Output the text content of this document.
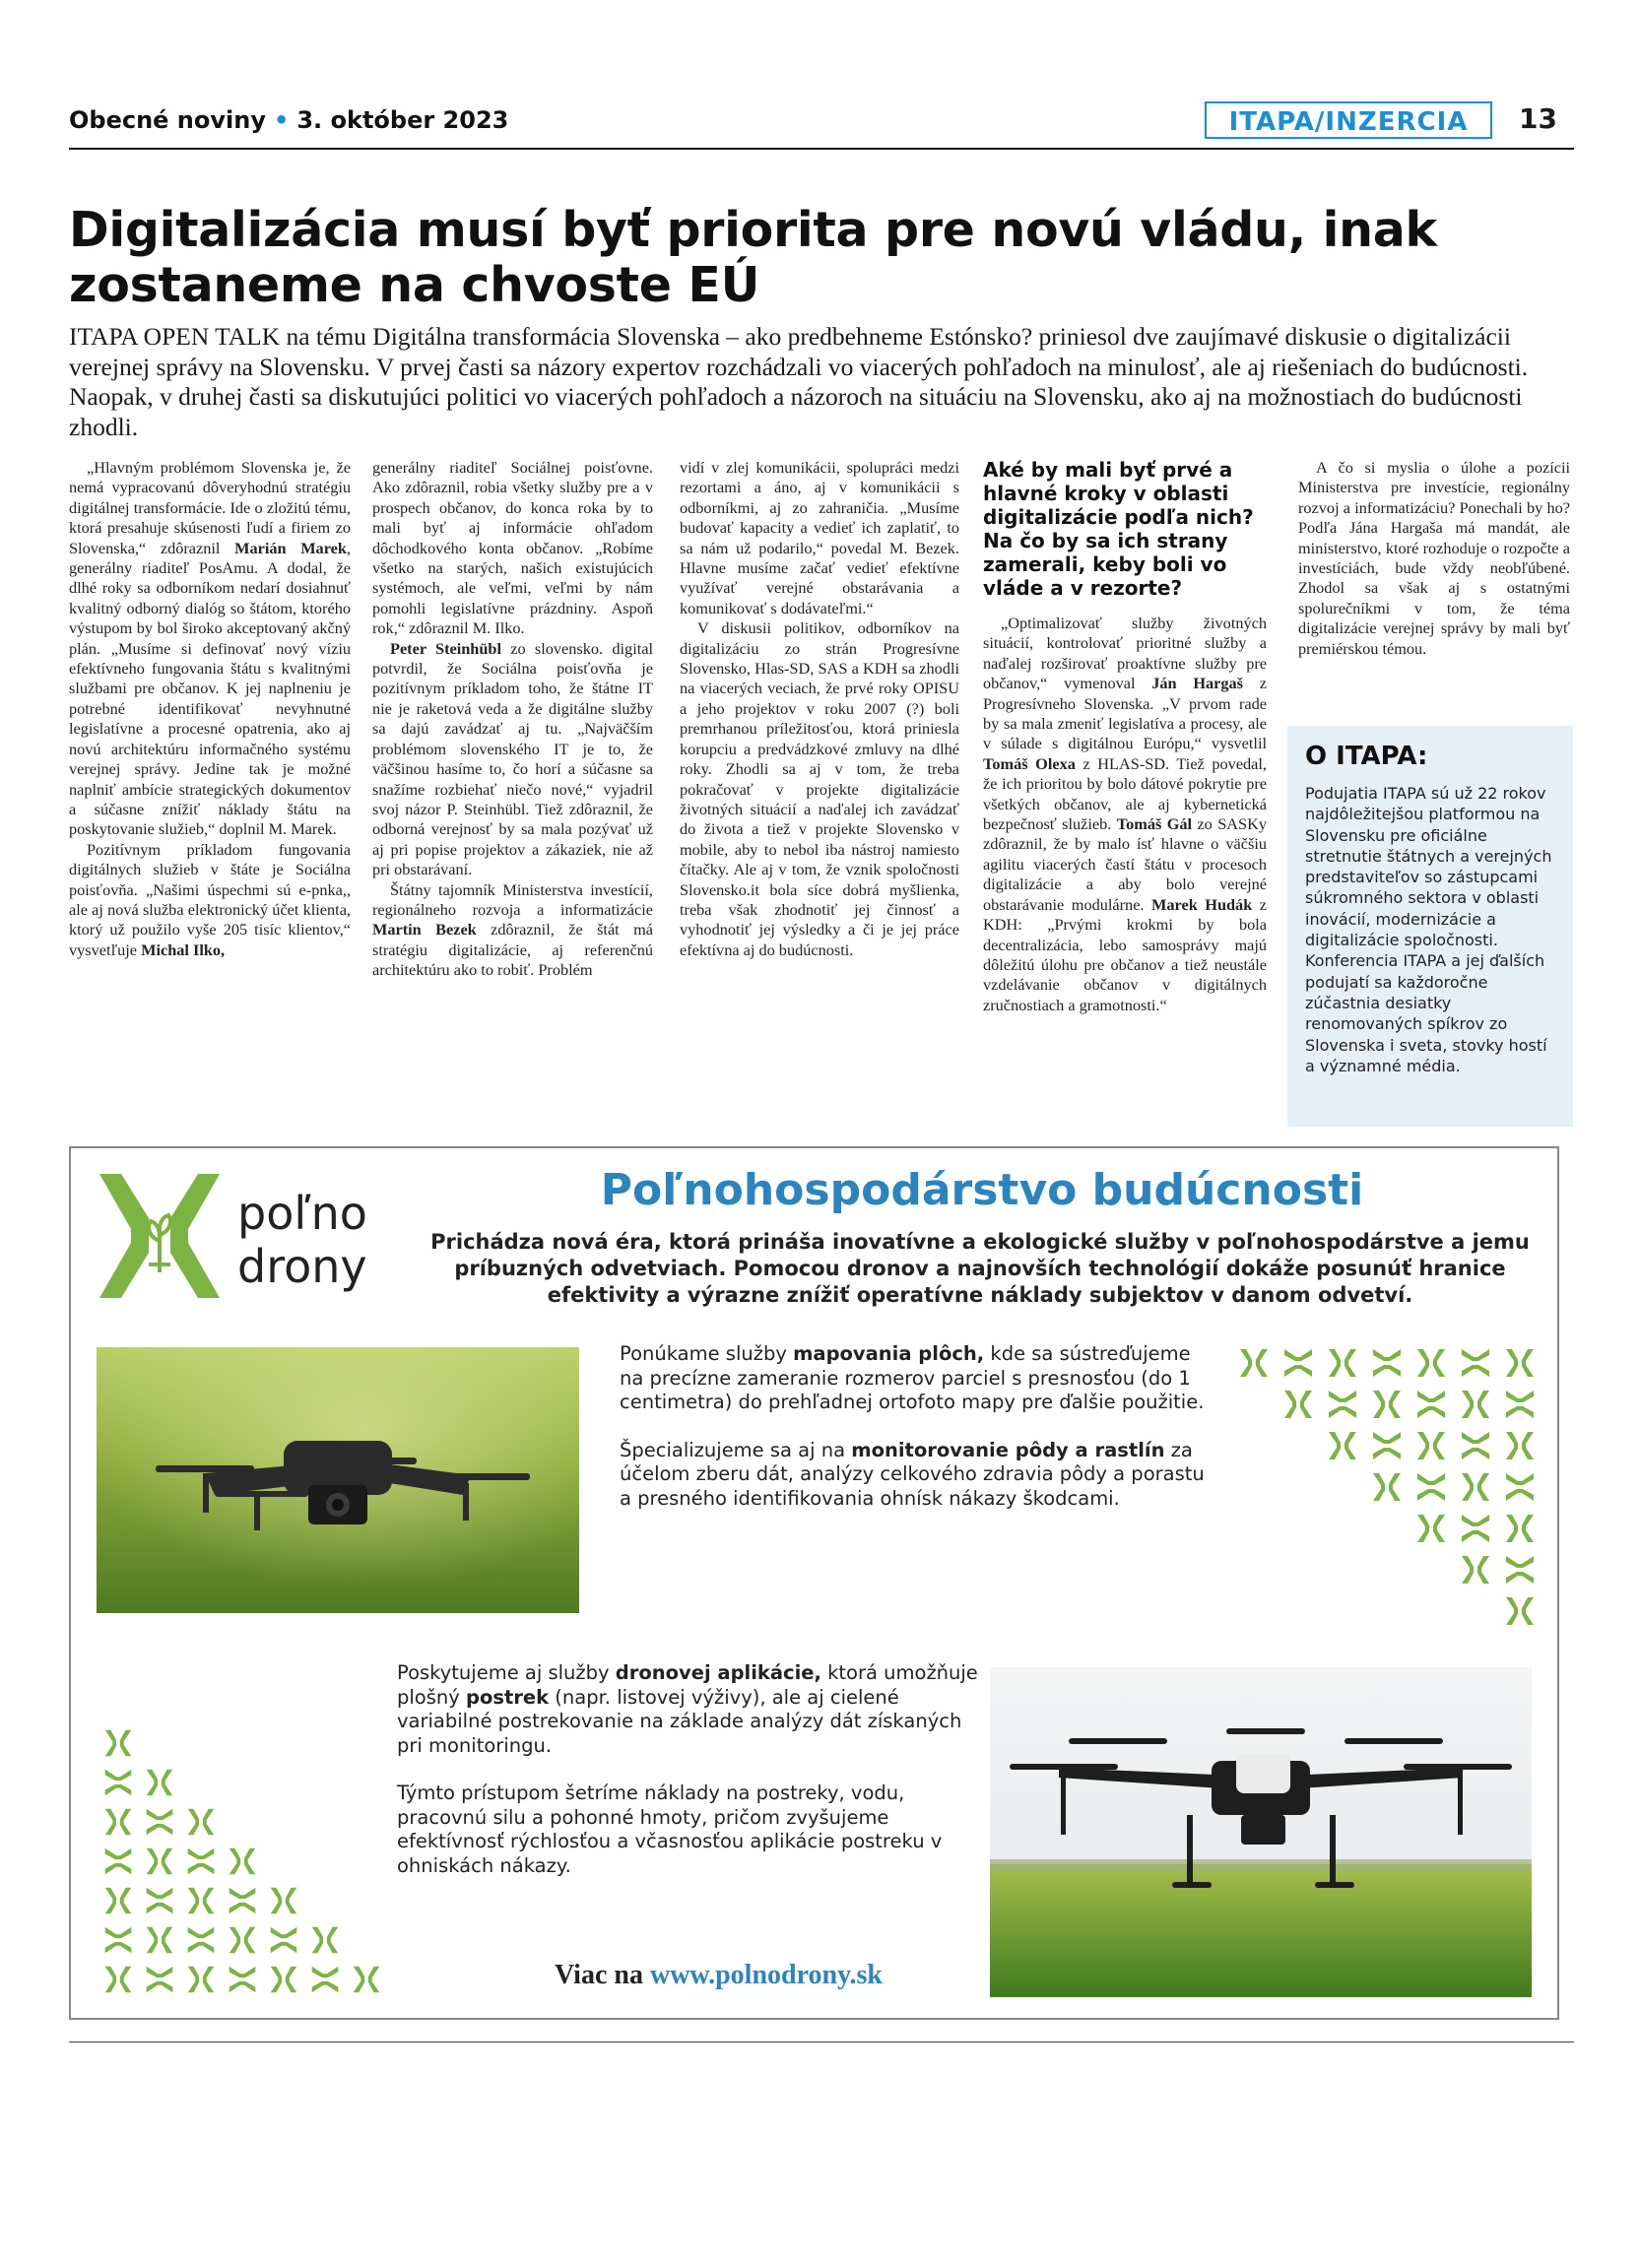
Obecné noviny • 3. október 2023	ITAPA/INZERCIA	13
Digitalizácia musí byť priorita pre novú vládu, inak
zostaneme na chvoste EÚ
ITAPA OPEN TALK na tému Digitálna transformácia Slovenska – ako predbehneme Estónsko? priniesol dve zaujímavé diskusie o digitalizácii verejnej správy na Slovensku. V prvej časti sa názory expertov rozchádzali vo viacerých pohľadoch na minulosť, ale aj riešeniach do budúcnosti. Naopak, v druhej časti sa diskutujúci politici vo viacerých pohľadoch a názoroch na situáciu na Slovensku, ako aj na možnostiach do budúcnosti zhodli.

„Hlavným problémom Slovenska je, že nemá vypracovanú dôveryhodnú stratégiu digitálnej transformácie. Ide o zložitú tému, ktorá presahuje skúsenosti ľudí a firiem zo Slovenska,“ zdôraznil Marián Marek, generálny riaditeľ PosAmu. A dodal, že dlhé roky sa odborníkom nedarí dosiahnuť kvalitný odborný dialóg so štátom, ktorého výstupom by bol široko akceptovaný akčný plán. „Musíme si definovať nový víziu efektívneho fungovania štátu s kvalitnými službami pre občanov. K jej naplneniu je potrebné identifikovať nevyhnutné legislatívne a procesné opatrenia, ako aj novú architektúru informačného systému verejnej správy. Jedine tak je možné naplniť ambície strategických dokumentov a súčasne znížiť náklady štátu na poskytovanie služieb,“ doplnil M. Marek.

Pozitívnym príkladom fungovania digitálnych služieb v štáte je Sociálna poisťovňa. „Našimi úspechmi sú e-pnka,, ale aj nová služba elektronický účet klienta, ktorý už použilo vyše 205 tisíc klientov,“ vysvetľuje Michal Ilko,

generálny riaditeľ Sociálnej poisťovne. Ako zdôraznil, robia všetky služby pre a v prospech občanov, do konca roka by to mali byť aj informácie ohľadom dôchodkového konta občanov. „Robíme všetko na starých, našich existujúcich systémoch, ale veľmi, veľmi by nám pomohli legislatívne prázdniny. Aspoň rok,“ zdôraznil M. Ilko.

Peter Steinhübl zo slovensko. digital potvrdil, že Sociálna poisťovňa je pozitívnym príkladom toho, že štátne IT nie je raketová veda a že digitálne služby sa dajú zavádzať aj tu. „Najväčším problémom slovenského IT je to, že väčšinou hasíme to, čo horí a súčasne sa snažíme rozbiehať niečo nové,“ vyjadril svoj názor P. Steinhübl. Tiež zdôraznil, že odborná verejnosť by sa mala pozývať už aj pri popise projektov a zákaziek, nie až pri obstarávaní.

Štátny tajomník Ministerstva investícií, regionálneho rozvoja a informatizácie Martin Bezek zdôraznil, že štát má stratégiu digitalizácie, aj referenčnú architektúru ako to robiť. Problém

vidí v zlej komunikácii, spolupráci medzi rezortami a áno, aj v komunikácii s odborníkmi, aj zo zahraničia. „Musíme budovať kapacity a vedieť ich zaplatiť, to sa nám už podarilo,“ povedal M. Bezek. Hlavne musíme začať vedieť efektívne využívať verejné obstarávania a komunikovať s dodávateľmi.“

V diskusii politikov, odborníkov na digitalizáciu zo strán Progresívne Slovensko, Hlas-SD, SAS a KDH sa zhodli na viacerých veciach, že prvé roky OPISU a jeho projektov v roku 2007 (?) boli premrhanou príležitosťou, ktorá priniesla korupciu a predvádzkové zmluvy na dlhé roky. Zhodli sa aj v tom, že treba pokračovať v projekte digitalizácie životných situácií a naďalej ich zavádzať do života a tiež v projekte Slovensko v mobile, aby to nebol iba nástroj namiesto čítačky. Ale aj v tom, že vznik spoločnosti Slovensko.it bola síce dobrá myšlienka, treba však zhodnotiť jej činnosť a vyhodnotiť jej výsledky a či je jej práce efektívna aj do budúcnosti.

Aké by mali byť prvé a hlavné kroky v oblasti digitalizácie podľa nich? Na čo by sa ich strany zamerali, keby boli vo vláde a v rezorte?

„Optimalizovať služby životných situácií, kontrolovať prioritné služby a naďalej rozširovať proaktívne služby pre občanov,“ vymenoval Ján Hargaš z Progresívneho Slovenska. „V prvom rade by sa mala zmeniť legislatíva a procesy, ale v súlade s digitálnou Európu,“ vysvetlil Tomáš Olexa z HLAS-SD. Tiež povedal, že ich prioritou by bolo dátové pokrytie pre všetkých občanov, ale aj kybernetická bezpečnosť služieb. Tomáš Gál zo SASKy zdôraznil, že by malo ísť hlavne o väčšiu agilitu viacerých častí štátu v procesoch digitalizácie a aby bolo verejné obstarávanie modulárne. Marek Hudák z KDH: „Prvými krokmi by bola decentralizácia, lebo samosprávy majú dôležitú úlohu pre občanov a tiež neustále vzdelávanie občanov v digitálnych zručnostiach a gramotnosti.“

A čo si myslia o úlohe a pozícii Ministerstva pre investície, regionálny rozvoj a informatizáciu? Ponechali by ho? Podľa Jána Hargaša má mandát, ale ministerstvo, ktoré rozhoduje o rozpočte a investíciách, bude vždy neobľúbené. Zhodol sa však aj s ostatnými spolurečníkmi v tom, že téma digitalizácie verejnej správy by mali byť premiérskou témou.

O ITAPA:
Podujatia ITAPA sú už 22 rokov najdôležitejšou platformou na Slovensku pre oficiálne stretnutie štátnych a verejných predstaviteľov so zástupcami súkromného sektora v oblasti inovácií, modernizácie a digitalizácie spoločnosti. Konferencia ITAPA a jej ďalších podujatí sa každoročne zúčastnia desiatky renomovaných spíkrov zo Slovenska i sveta, stovky hostí a významné média.
poľno
drony
Poľnohospodárstvo budúcnosti
Prichádza nová éra, ktorá prináša inovatívne a ekologické služby v poľnohospodárstve a jemu príbuzných odvetviach. Pomocou dronov a najnovších technológií dokáže posunúť hranice efektivity a výrazne znížiť operatívne náklady subjektov v danom odvetví.

Ponúkame služby mapovania plôch, kde sa sústreďujeme na precízne zameranie rozmerov parciel s presnosťou (do 1 centimetra) do prehľadnej ortofoto mapy pre ďalšie použitie.

Špecializujeme sa aj na monitorovanie pôdy a rastlín za účelom zberu dát, analýzy celkového zdravia pôdy a porastu a presného identifikovania ohnísk nákazy škodcami.

Poskytujeme aj služby dronovej aplikácie, ktorá umožňuje plošný postrek (napr. listovej výživy), ale aj cielené variabilné postrekovanie na základe analýzy dát získaných pri monitoringu.

Týmto prístupom šetríme náklady na postreky, vodu, pracovnú silu a pohonné hmoty, pričom zvyšujeme efektívnosť rýchlosťou a včasnosťou aplikácie postreku v ohniskách nákazy.

Viac na www.polnodrony.sk
